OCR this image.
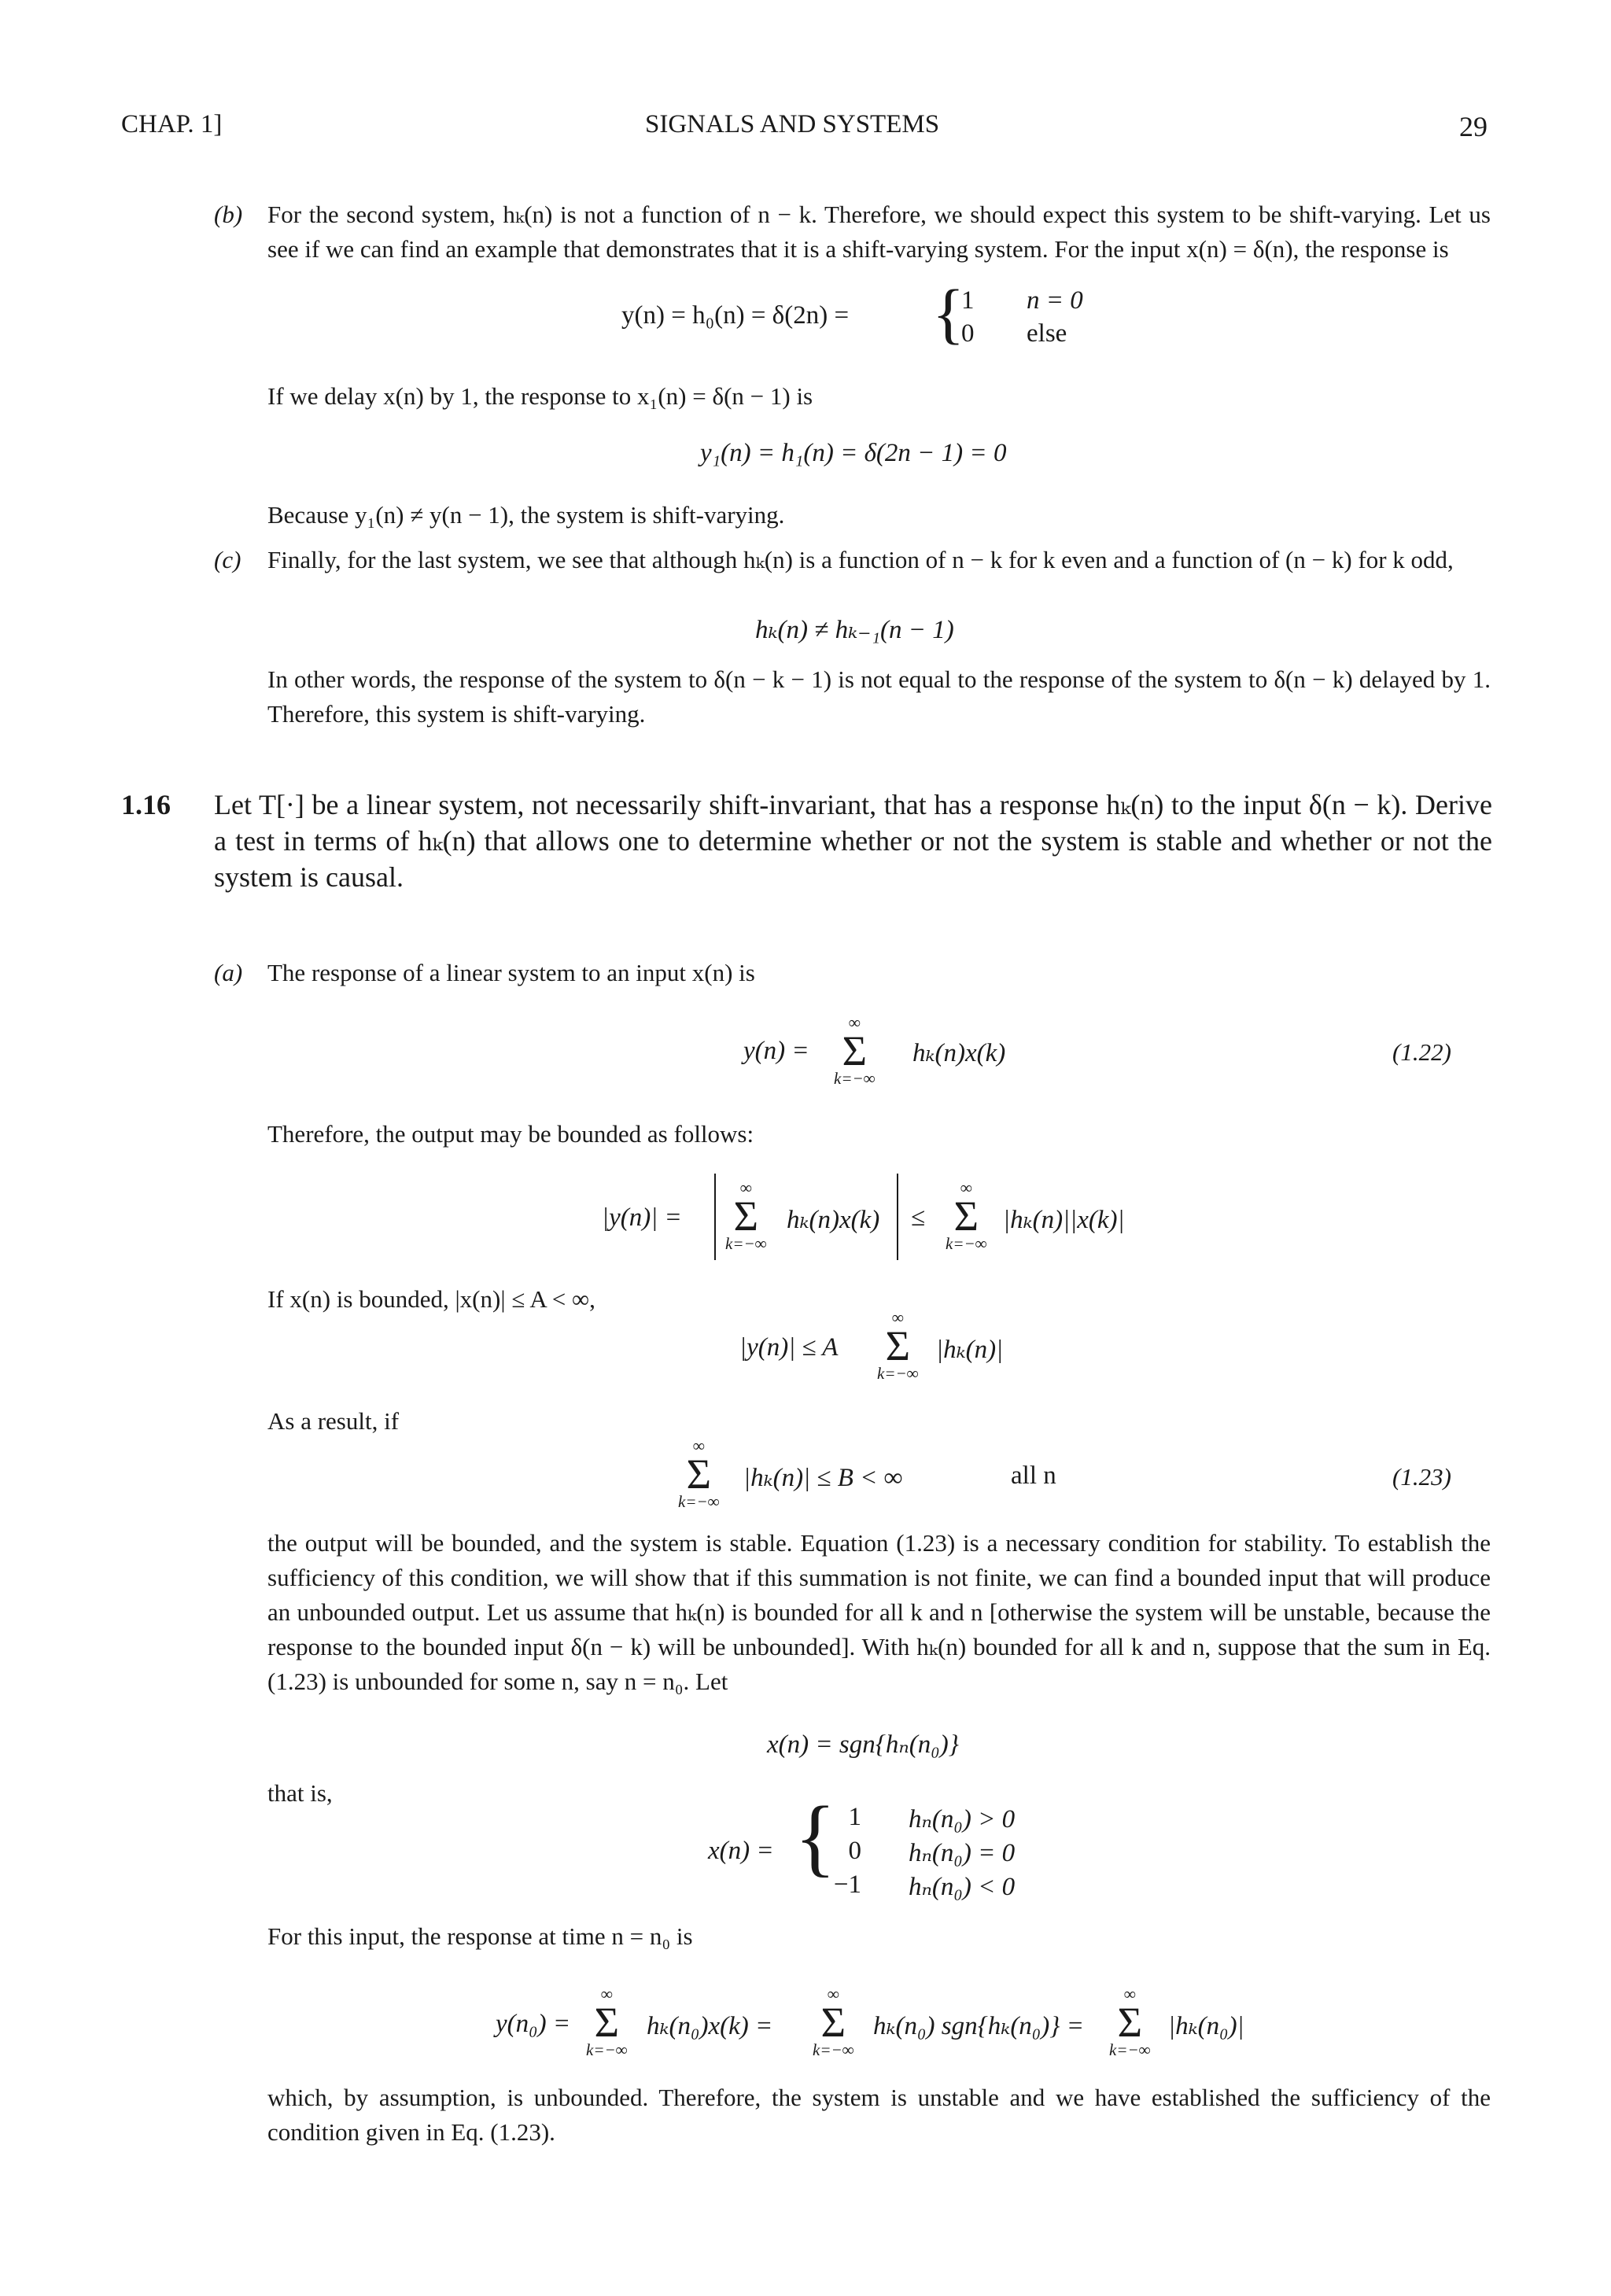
CHAP. 1]	SIGNALS AND SYSTEMS	29
(b) For the second system, hₖ(n) is not a function of n − k. Therefore, we should expect this system to be shift-varying. Let us see if we can find an example that demonstrates that it is a shift-varying system. For the input x(n) = δ(n), the response is
y(n) = h₀(n) = δ(2n) = {
1 n = 0
0 else
If we delay x(n) by 1, the response to x₁(n) = δ(n − 1) is
y₁(n) = h₁(n) = δ(2n − 1) = 0
Because y₁(n) ≠ y(n − 1), the system is shift-varying.
(c) Finally, for the last system, we see that although hₖ(n) is a function of n − k for k even and a function of (n − k) for k odd,
hₖ(n) ≠ hₖ₋₁(n − 1)
In other words, the response of the system to δ(n − k − 1) is not equal to the response of the system to δ(n − k) delayed by 1. Therefore, this system is shift-varying.
1.16 Let T[·] be a linear system, not necessarily shift-invariant, that has a response hₖ(n) to the input δ(n − k). Derive a test in terms of hₖ(n) that allows one to determine whether or not the system is stable and whether or not the system is causal.
(a) The response of a linear system to an input x(n) is
y(n) =
∞
Σ
k=−∞
hₖ(n)x(k)	(1.22)
Therefore, the output may be bounded as follows:
|y(n)| =
∞
Σ
k=−∞
hₖ(n)x(k) ≤
∞
Σ
k=−∞
|hₖ(n)||x(k)|
If x(n) is bounded, |x(n)| ≤ A < ∞,
|y(n)| ≤ A
∞
Σ
k=−∞
|hₖ(n)|
As a result, if
∞
Σ
k=−∞
|hₖ(n)| ≤ B < ∞	all n	(1.23)
the output will be bounded, and the system is stable. Equation (1.23) is a necessary condition for stability. To establish the sufficiency of this condition, we will show that if this summation is not finite, we can find a bounded input that will produce an unbounded output. Let us assume that hₖ(n) is bounded for all k and n [otherwise the system will be unstable, because the response to the bounded input δ(n − k) will be unbounded]. With hₖ(n) bounded for all k and n, suppose that the sum in Eq. (1.23) is unbounded for some n, say n = n₀. Let
x(n) = sgn{hₙ(n₀)}
that is,
x(n) = { 1 hₙ(n₀) > 0
0 hₙ(n₀) = 0
−1 hₙ(n₀) < 0
For this input, the response at time n = n₀ is
y(n₀) =
∞
Σ
k=−∞
hₖ(n₀)x(k) =
∞
Σ
k=−∞
hₖ(n₀) sgn{hₖ(n₀)} =
∞
Σ
k=−∞
|hₖ(n₀)|
which, by assumption, is unbounded. Therefore, the system is unstable and we have established the sufficiency of the condition given in Eq. (1.23).
